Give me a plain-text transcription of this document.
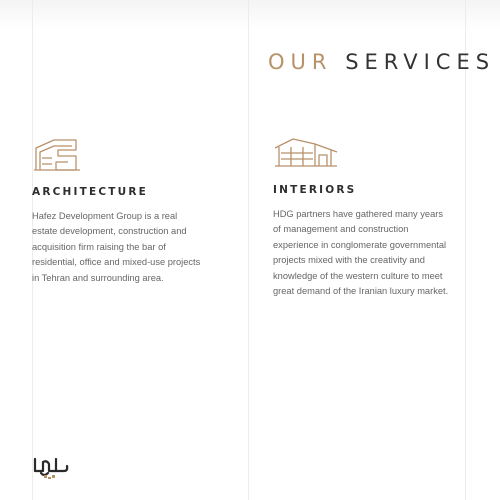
OUR SERVICES
ARCHITECTURE

Hafez Development Group is a real estate development, construction and acquisition firm raising the bar of residential, office and mixed-use projects in Tehran and surrounding area.

INTERIORS

HDG partners have gathered many years of management and construction experience in conglomerate governmental projects mixed with the creativity and knowledge of the western culture to meet great demand of the Iranian luxury market.
